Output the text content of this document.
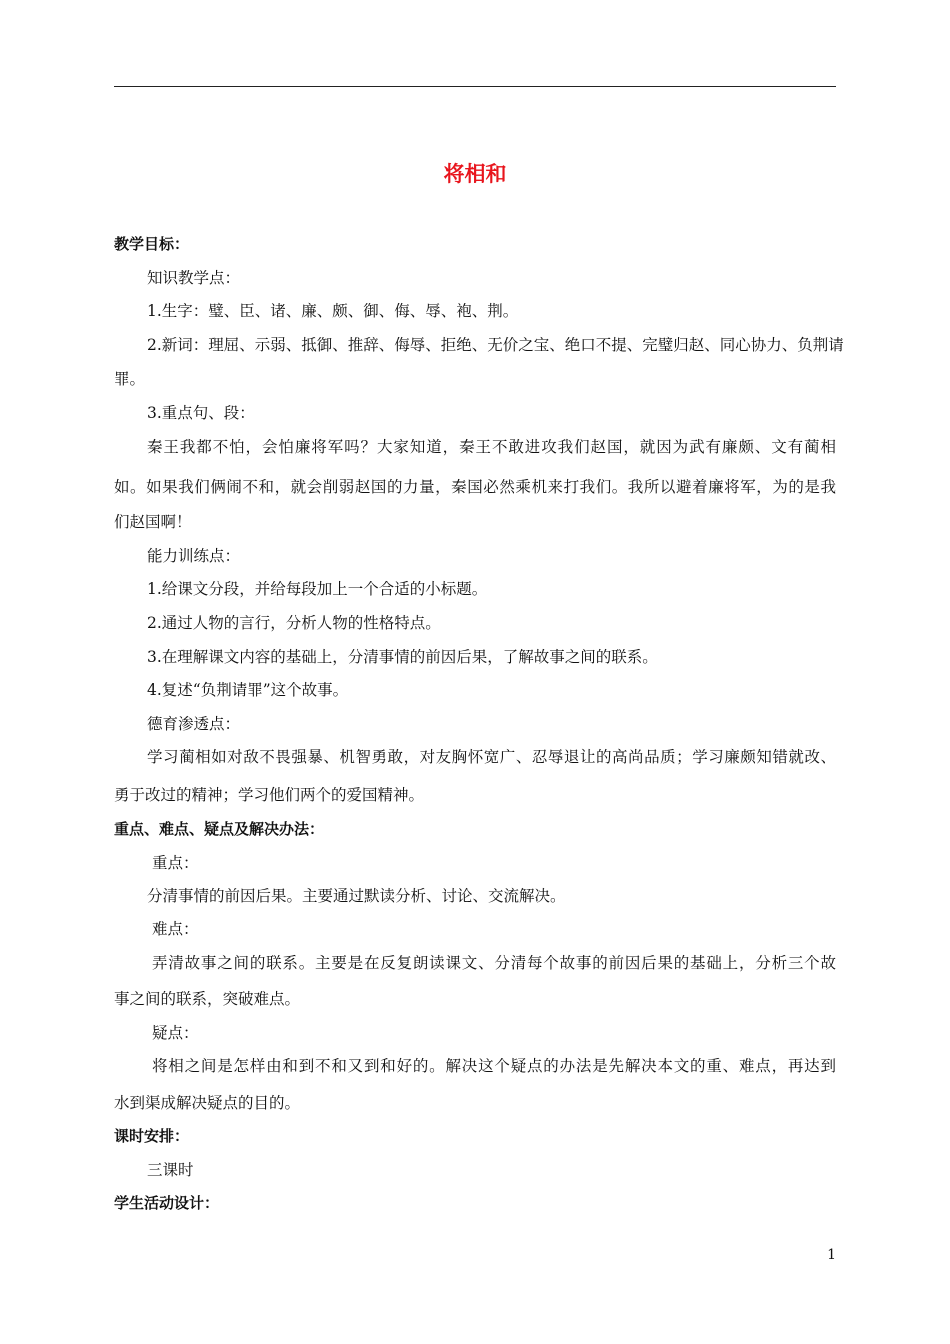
将相和
教学目标：
知识教学点：
1.生字：璧、臣、诸、廉、颇、御、侮、辱、袍、荆。
2.新词：理屈、示弱、抵御、推辞、侮辱、拒绝、无价之宝、绝口不提、完璧归赵、同心协力、负荆请
罪。
3.重点句、段：
秦王我都不怕，会怕廉将军吗？大家知道，秦王不敢进攻我们赵国，就因为武有廉颇、文有蔺相
如。如果我们俩闹不和，就会削弱赵国的力量，秦国必然乘机来打我们。我所以避着廉将军，为的是我
们赵国啊！
能力训练点：
1.给课文分段，并给每段加上一个合适的小标题。
2.通过人物的言行，分析人物的性格特点。
3.在理解课文内容的基础上，分清事情的前因后果，了解故事之间的联系。
4.复述“负荆请罪”这个故事。
德育渗透点：
学习蔺相如对敌不畏强暴、机智勇敢，对友胸怀宽广、忍辱退让的高尚品质；学习廉颇知错就改、
勇于改过的精神；学习他们两个的爱国精神。
重点、难点、疑点及解决办法：
重点：
分清事情的前因后果。主要通过默读分析、讨论、交流解决。
难点：
弄清故事之间的联系。主要是在反复朗读课文、分清每个故事的前因后果的基础上，分析三个故
事之间的联系，突破难点。
疑点：
将相之间是怎样由和到不和又到和好的。解决这个疑点的办法是先解决本文的重、难点，再达到
水到渠成解决疑点的目的。
课时安排：
三课时
学生活动设计：
1
